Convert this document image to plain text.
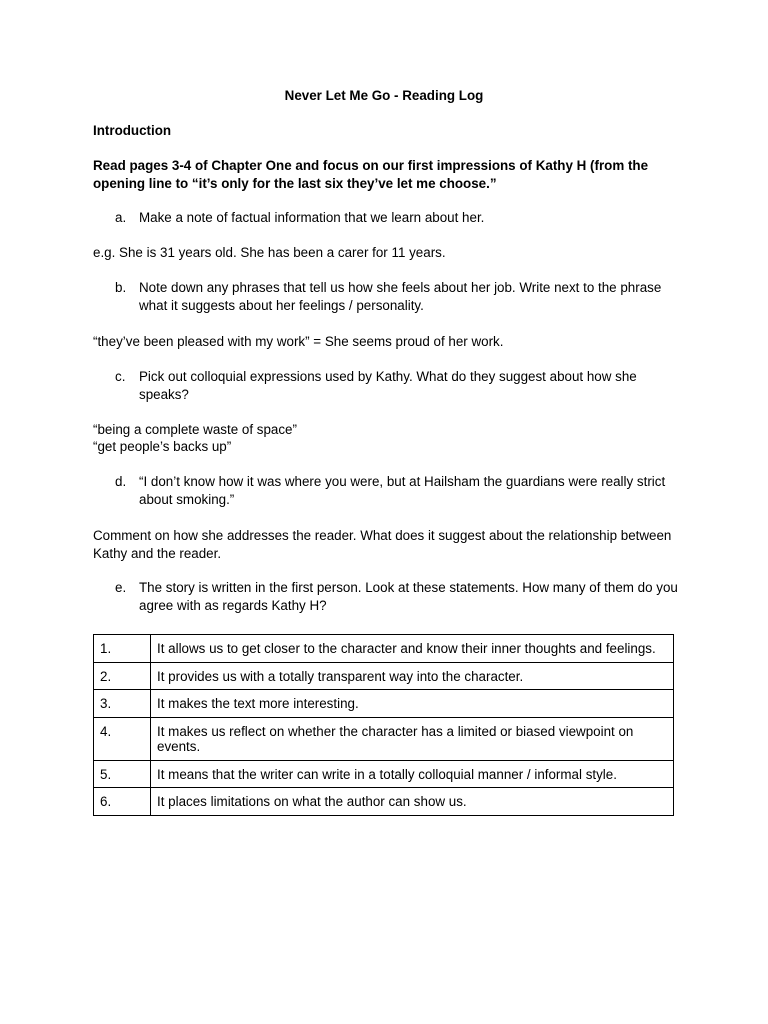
Never Let Me Go - Reading Log
Introduction
Read pages 3-4 of Chapter One and focus on our first impressions of Kathy H (from the opening line to “it’s only for the last six they’ve let me choose.”
a. Make a note of factual information that we learn about her.
e.g. She is 31 years old. She has been a carer for 11 years.
b. Note down any phrases that tell us how she feels about her job. Write next to the phrase what it suggests about her feelings / personality.
“they’ve been pleased with my work” = She seems proud of her work.
c. Pick out colloquial expressions used by Kathy. What do they suggest about how she speaks?
“being a complete waste of space”
“get people’s backs up”
d. “I don’t know how it was where you were, but at Hailsham the guardians were really strict about smoking.”
Comment on how she addresses the reader. What does it suggest about the relationship between Kathy and the reader.
e. The story is written in the first person. Look at these statements. How many of them do you agree with as regards Kathy H?
1.	It allows us to get closer to the character and know their inner thoughts and feelings.
2.	It provides us with a totally transparent way into the character.
3.	It makes the text more interesting.
4.	It makes us reflect on whether the character has a limited or biased viewpoint on events.
5.	It means that the writer can write in a totally colloquial manner / informal style.
6.	It places limitations on what the author can show us.
